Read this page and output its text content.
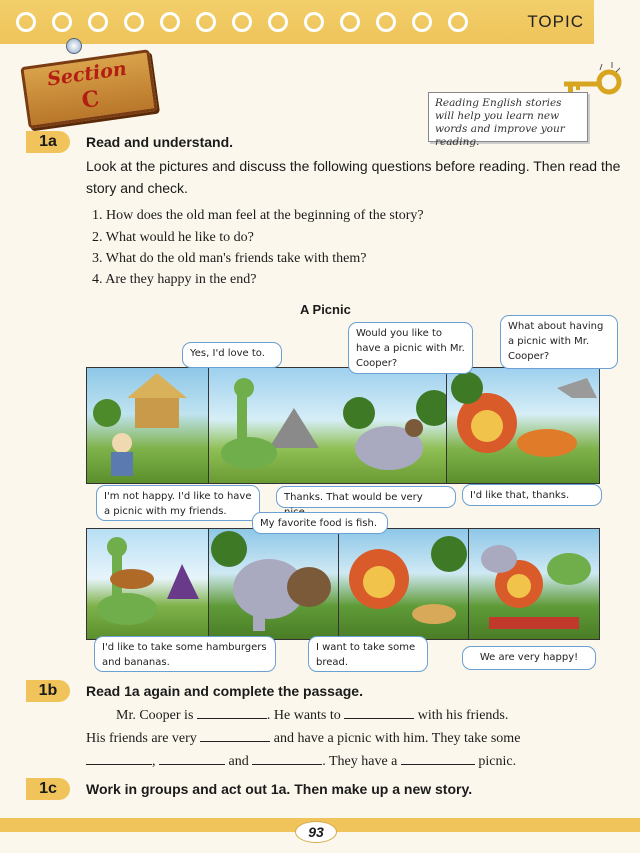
TOPIC
Section
C	Reading English stories will help you learn new words and improve your reading.
1a	Read and understand.
Look at the pictures and discuss the following questions before reading. Then read the story and check.
1. How does the old man feel at the beginning of the story?
2. What would he like to do?
3. What do the old man's friends take with them?
4. Are they happy in the end?
A Picnic
Yes, I'd love to.
Would you like to have a picnic with Mr. Cooper?
What about having a picnic with Mr. Cooper?
I'm not happy. I'd like to have a picnic with my friends.
Thanks. That would be very	I'd like that, thanks.
My favorite food is fish.
I'd like to take some hamburgers and bananas.
I want to take some bread.	We are very happy!
1b	Read 1a again and complete the passage.
Mr. Cooper is	. He wants to	with his friends.
His friends are very	and have a picnic with him. They take some
,	and	. They have a	picnic.
1c	Work in groups and act out 1a. Then make up a new story.
93
